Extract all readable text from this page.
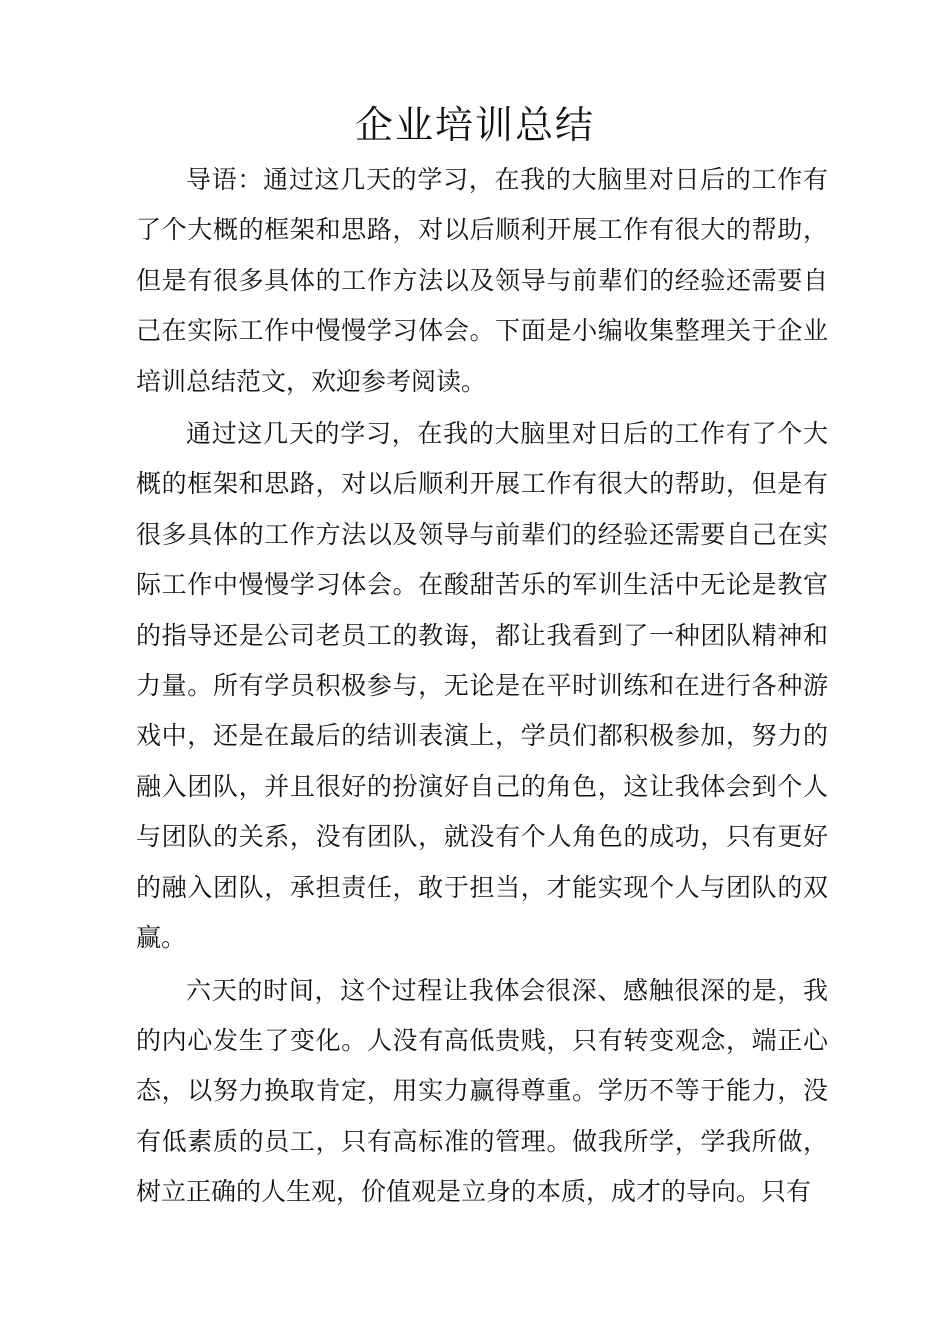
企业培训总结

导语：通过这几天的学习，在我的大脑里对日后的工作有了个大概的框架和思路，对以后顺利开展工作有很大的帮助，但是有很多具体的工作方法以及领导与前辈们的经验还需要自己在实际工作中慢慢学习体会。下面是小编收集整理关于企业培训总结范文，欢迎参考阅读。

通过这几天的学习，在我的大脑里对日后的工作有了个大概的框架和思路，对以后顺利开展工作有很大的帮助，但是有很多具体的工作方法以及领导与前辈们的经验还需要自己在实际工作中慢慢学习体会。在酸甜苦乐的军训生活中无论是教官的指导还是公司老员工的教诲，都让我看到了一种团队精神和力量。所有学员积极参与，无论是在平时训练和在进行各种游戏中，还是在最后的结训表演上，学员们都积极参加，努力的融入团队，并且很好的扮演好自己的角色，这让我体会到个人与团队的关系，没有团队，就没有个人角色的成功，只有更好的融入团队，承担责任，敢于担当，才能实现个人与团队的双赢。

六天的时间，这个过程让我体会很深、感触很深的是，我的内心发生了变化。人没有高低贵贱，只有转变观念，端正心态，以努力换取肯定，用实力赢得尊重。学历不等于能力，没有低素质的员工，只有高标准的管理。做我所学，学我所做，树立正确的人生观，价值观是立身的本质，成才的导向。只有
